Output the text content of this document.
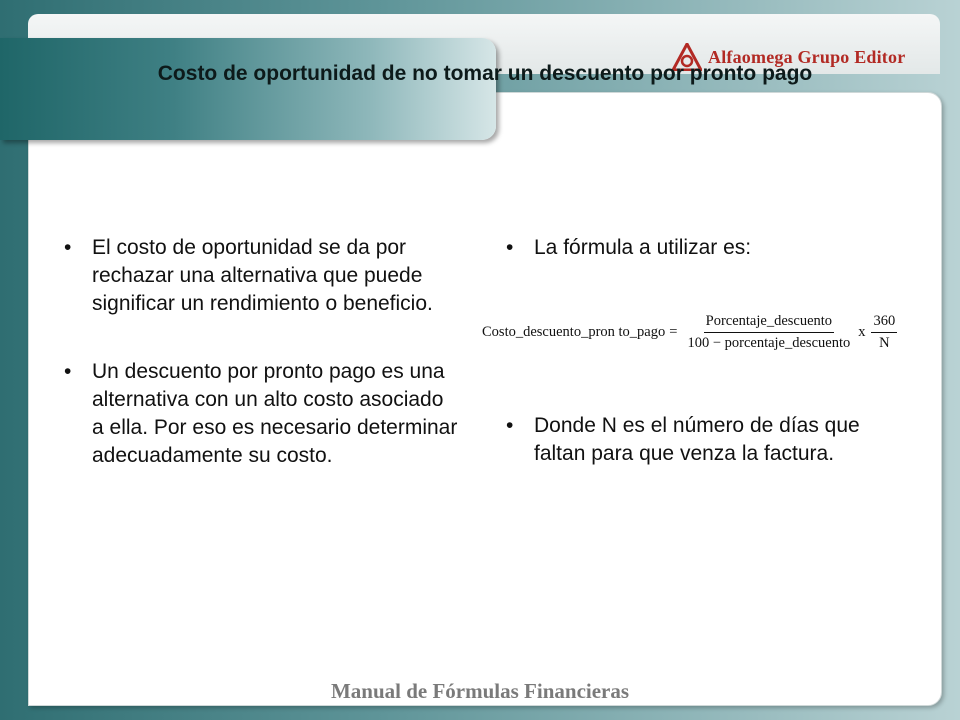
Alfaomega Grupo Editor
Costo de oportunidad de no tomar un descuento por pronto pago
• El costo de oportunidad se da por rechazar una alternativa que puede significar un rendimiento o beneficio.
• Un descuento por pronto pago es una alternativa con un alto costo asociado a ella. Por eso es necesario determinar adecuadamente su costo.
• La fórmula a utilizar es:
Costo_descuento_pron to_pago = $\frac{\text{Porcentaje\_descuento}}{\text{100 − porcentaje\_descuento}}$ x $\frac{360}{N}$
• Donde N es el número de días que faltan para que venza la factura.
Manual de Fórmulas Financieras
